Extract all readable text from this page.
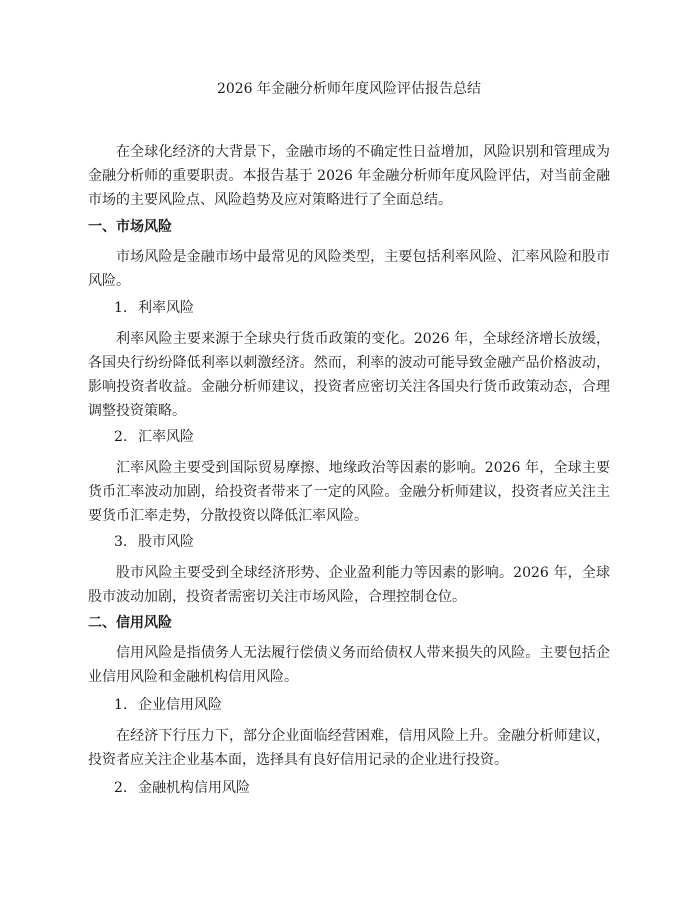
2026 年金融分析师年度风险评估报告总结

在全球化经济的大背景下，金融市场的不确定性日益增加，风险识别和管理成为金融分析师的重要职责。本报告基于 2026 年金融分析师年度风险评估，对当前金融市场的主要风险点、风险趋势及应对策略进行了全面总结。

一、市场风险

市场风险是金融市场中最常见的风险类型，主要包括利率风险、汇率风险和股市风险。

1. 利率风险

利率风险主要来源于全球央行货币政策的变化。2026 年，全球经济增长放缓，各国央行纷纷降低利率以刺激经济。然而，利率的波动可能导致金融产品价格波动，影响投资者收益。金融分析师建议，投资者应密切关注各国央行货币政策动态，合理调整投资策略。

2. 汇率风险

汇率风险主要受到国际贸易摩擦、地缘政治等因素的影响。2026 年，全球主要货币汇率波动加剧，给投资者带来了一定的风险。金融分析师建议，投资者应关注主要货币汇率走势，分散投资以降低汇率风险。

3. 股市风险

股市风险主要受到全球经济形势、企业盈利能力等因素的影响。2026 年，全球股市波动加剧，投资者需密切关注市场风险，合理控制仓位。

二、信用风险

信用风险是指债务人无法履行偿债义务而给债权人带来损失的风险。主要包括企业信用风险和金融机构信用风险。

1. 企业信用风险

在经济下行压力下，部分企业面临经营困难，信用风险上升。金融分析师建议，投资者应关注企业基本面，选择具有良好信用记录的企业进行投资。

2. 金融机构信用风险
